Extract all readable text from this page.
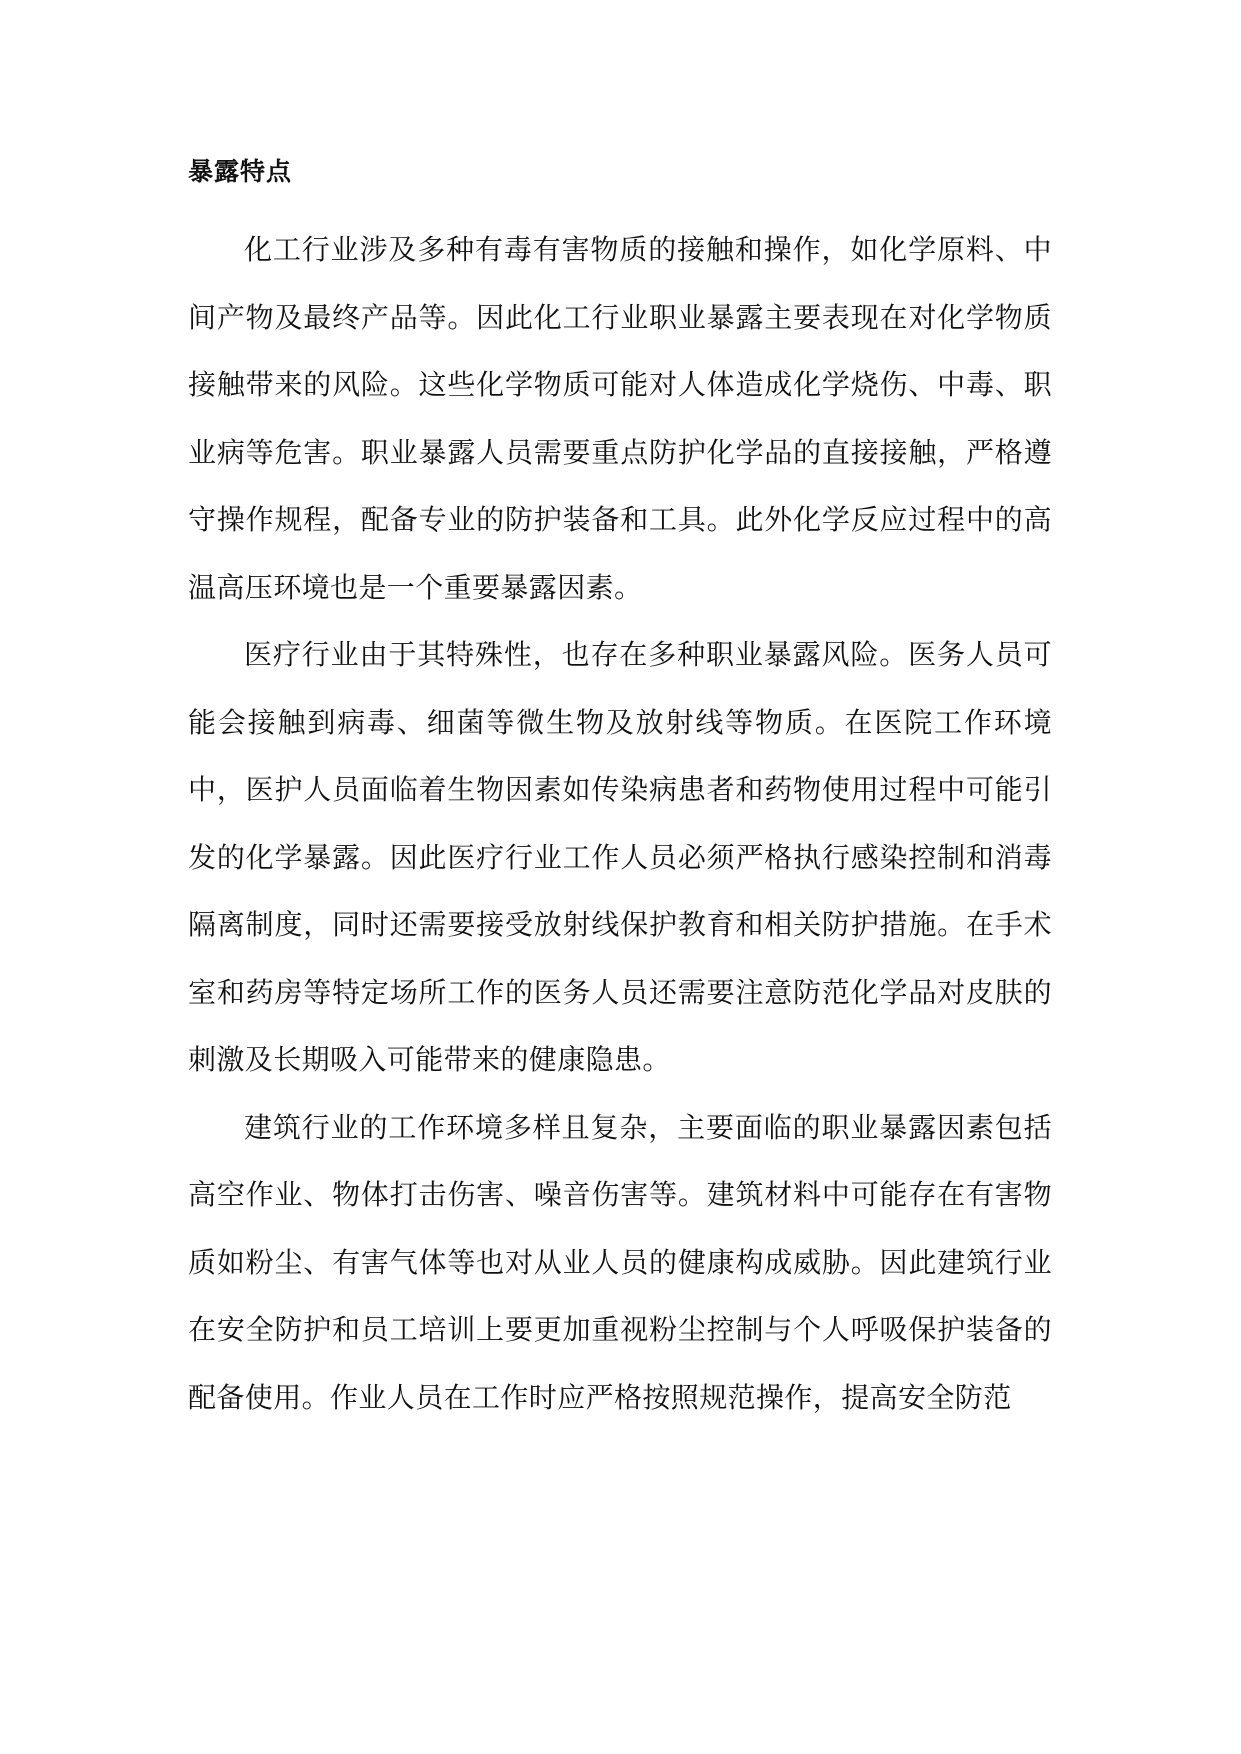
暴露特点

化工行业涉及多种有毒有害物质的接触和操作，如化学原料、中间产物及最终产品等。因此化工行业职业暴露主要表现在对化学物质接触带来的风险。这些化学物质可能对人体造成化学烧伤、中毒、职业病等危害。职业暴露人员需要重点防护化学品的直接接触，严格遵守操作规程，配备专业的防护装备和工具。此外化学反应过程中的高温高压环境也是一个重要暴露因素。

医疗行业由于其特殊性，也存在多种职业暴露风险。医务人员可能会接触到病毒、细菌等微生物及放射线等物质。在医院工作环境中，医护人员面临着生物因素如传染病患者和药物使用过程中可能引发的化学暴露。因此医疗行业工作人员必须严格执行感染控制和消毒隔离制度，同时还需要接受放射线保护教育和相关防护措施。在手术室和药房等特定场所工作的医务人员还需要注意防范化学品对皮肤的刺激及长期吸入可能带来的健康隐患。

建筑行业的工作环境多样且复杂，主要面临的职业暴露因素包括高空作业、物体打击伤害、噪音伤害等。建筑材料中可能存在有害物质如粉尘、有害气体等也对从业人员的健康构成威胁。因此建筑行业在安全防护和员工培训上要更加重视粉尘控制与个人呼吸保护装备的配备使用。作业人员在工作时应严格按照规范操作，提高安全防范
